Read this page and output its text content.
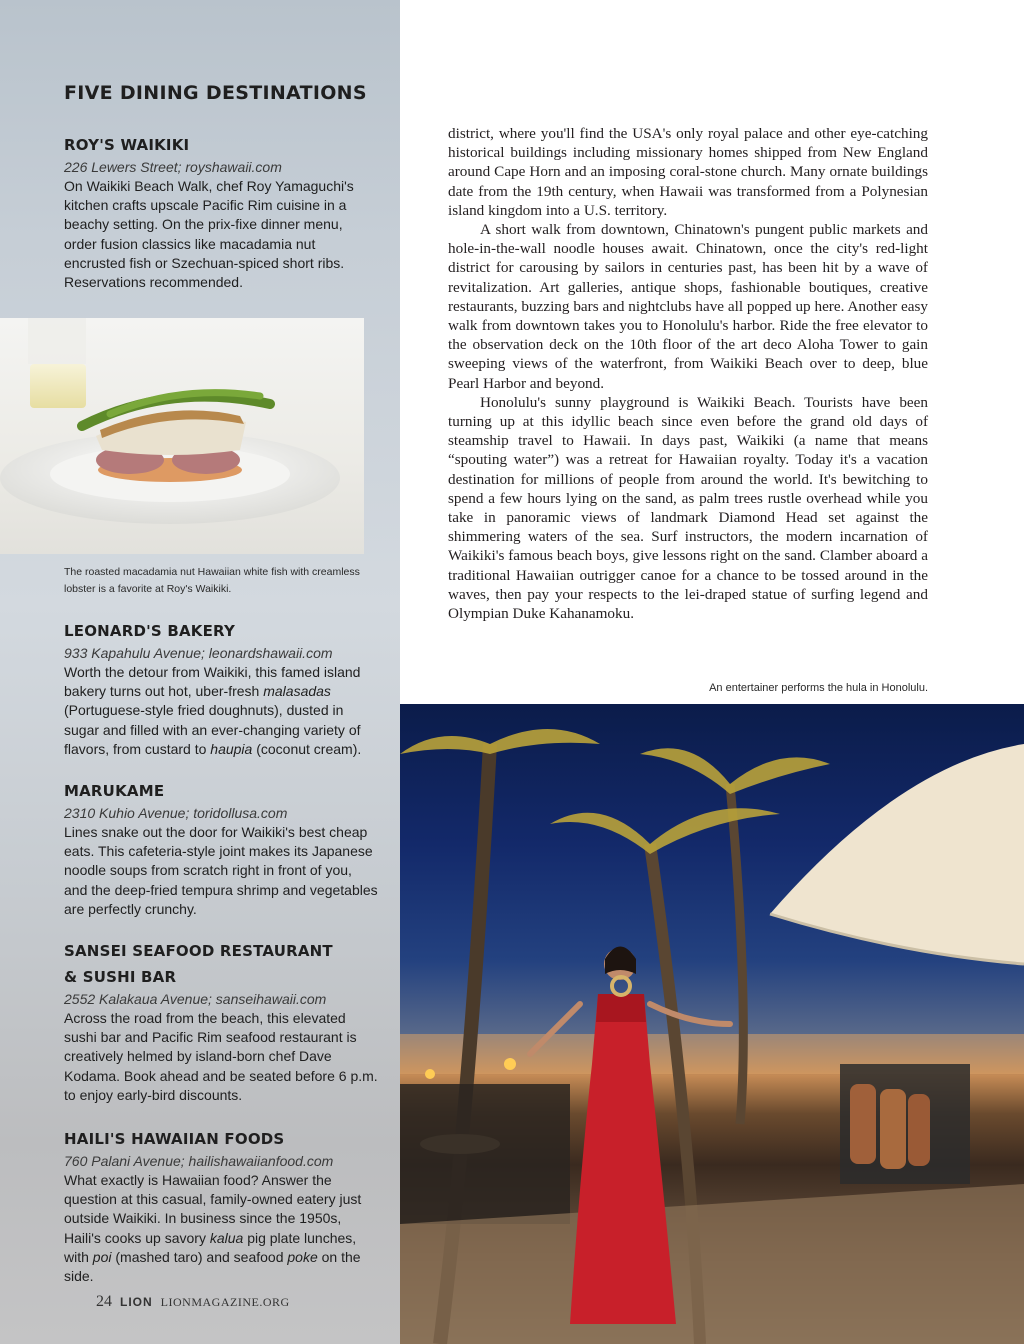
FIVE DINING DESTINATIONS
ROY'S WAIKIKI
226 Lewers Street; royshawaii.com
On Waikiki Beach Walk, chef Roy Yamaguchi's kitchen crafts upscale Pacific Rim cuisine in a beachy setting. On the prix-fixe dinner menu, order fusion classics like macadamia nut encrusted fish or Szechuan-spiced short ribs. Reservations recommended.
LEONARD'S BAKERY
933 Kapahulu Avenue; leonardshawaii.com
Worth the detour from Waikiki, this famed island bakery turns out hot, uber-fresh malasadas (Portuguese-style fried doughnuts), dusted in sugar and filled with an ever-changing variety of flavors, from custard to haupia (coconut cream).
MARUKAME
2310 Kuhio Avenue; toridollusa.com
Lines snake out the door for Waikiki's best cheap eats. This cafeteria-style joint makes its Japanese noodle soups from scratch right in front of you, and the deep-fried tempura shrimp and vegetables are perfectly crunchy.
SANSEI SEAFOOD RESTAURANT
& SUSHI BAR
2552 Kalakaua Avenue; sanseihawaii.com
Across the road from the beach, this elevated sushi bar and Pacific Rim seafood restaurant is creatively helmed by island-born chef Dave Kodama. Book ahead and be seated before 6 p.m. to enjoy early-bird discounts.
HAILI'S HAWAIIAN FOODS
760 Palani Avenue; hailishawaiianfood.com
What exactly is Hawaiian food? Answer the question at this casual, family-owned eatery just outside Waikiki. In business since the 1950s, Haili's cooks up savory kalua pig plate lunches, with poi (mashed taro) and seafood poke on the side.
The roasted macadamia nut Hawaiian white fish with creamless lobster is a favorite at Roy's Waikiki.
24 LION LIONMAGAZINE.ORG

district, where you'll find the USA's only royal palace and other eye-catching historical buildings including missionary homes shipped from New England around Cape Horn and an imposing coral-stone church. Many ornate buildings date from the 19th century, when Hawaii was transformed from a Polynesian island kingdom into a U.S. territory.

A short walk from downtown, Chinatown's pungent public markets and hole-in-the-wall noodle houses await. Chinatown, once the city's red-light district for carousing by sailors in centuries past, has been hit by a wave of revitalization. Art galleries, antique shops, fashionable boutiques, creative restaurants, buzzing bars and nightclubs have all popped up here. Another easy walk from downtown takes you to Honolulu's harbor. Ride the free elevator to the observation deck on the 10th floor of the art deco Aloha Tower to gain sweeping views of the waterfront, from Waikiki Beach over to deep, blue Pearl Harbor and beyond.

Honolulu's sunny playground is Waikiki Beach. Tourists have been turning up at this idyllic beach since even before the grand old days of steamship travel to Hawaii. In days past, Waikiki (a name that means “spouting water”) was a retreat for Hawaiian royalty. Today it's a vacation destination for millions of people from around the world. It's bewitching to spend a few hours lying on the sand, as palm trees rustle overhead while you take in panoramic views of landmark Diamond Head set against the shimmering waters of the sea. Surf instructors, the modern incarnation of Waikiki's famous beach boys, give lessons right on the sand. Clamber aboard a traditional Hawaiian outrigger canoe for a chance to be tossed around in the waves, then pay your respects to the lei-draped statue of surfing legend and Olympian Duke Kahanamoku.

An entertainer performs the hula in Honolulu.
